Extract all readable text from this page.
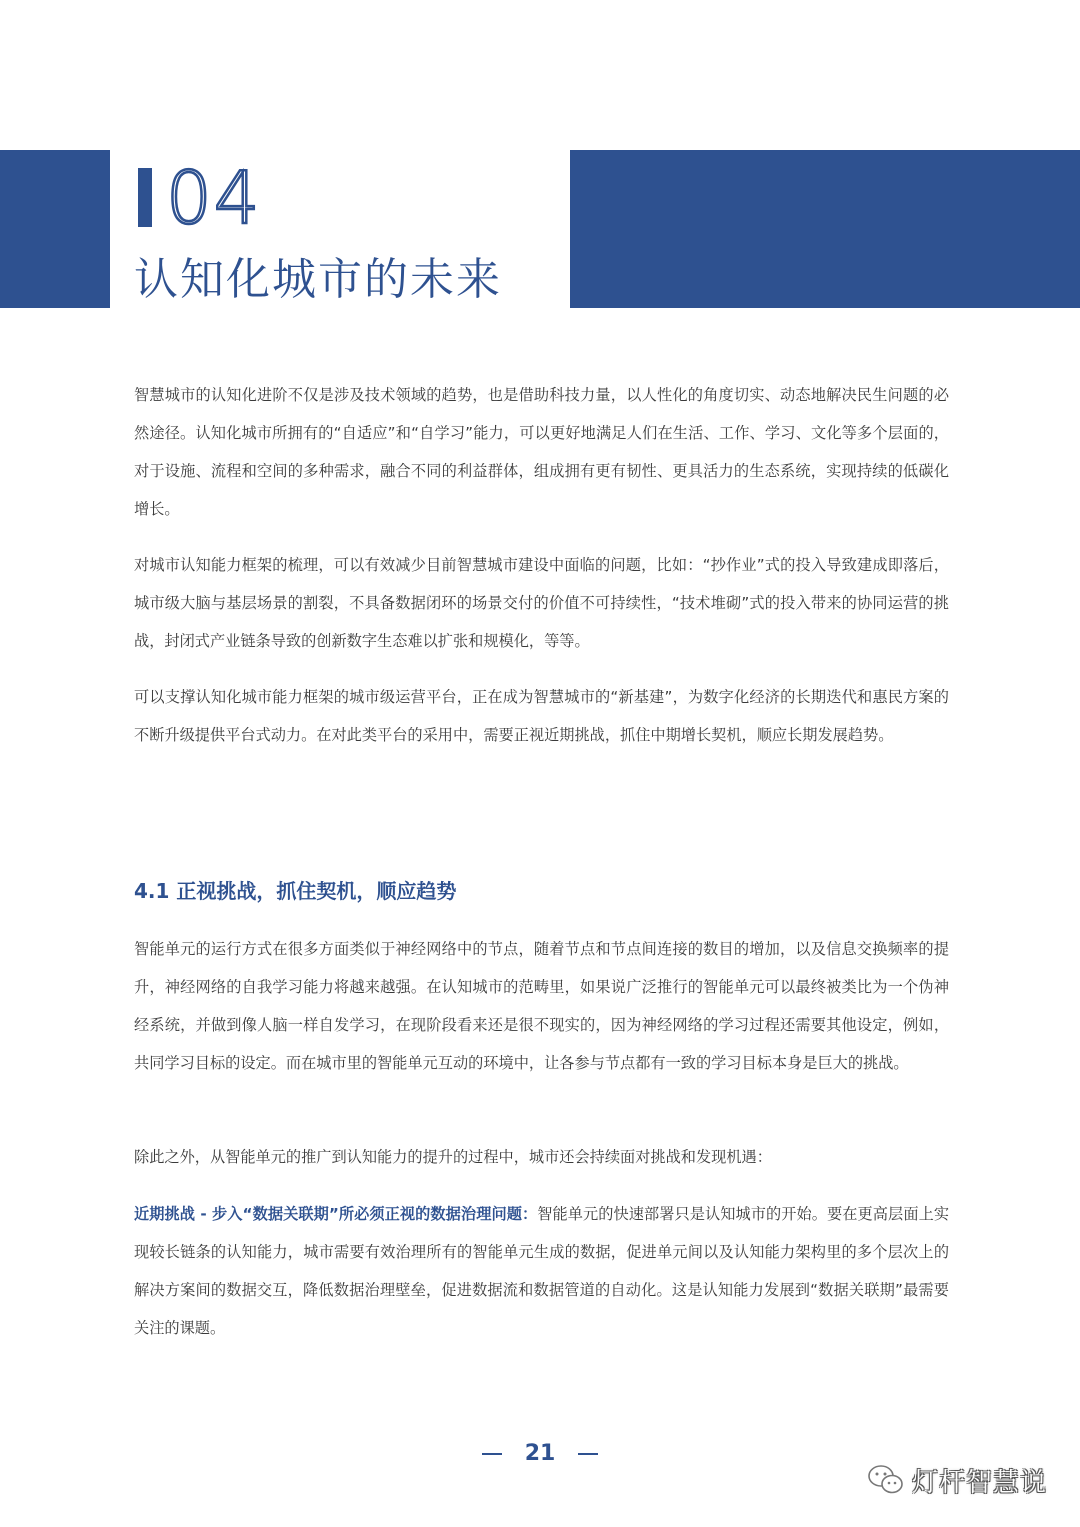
04
认知化城市的未来

智慧城市的认知化进阶不仅是涉及技术领域的趋势，也是借助科技力量，以人性化的角度切实、动态地解决民生问题的必然途径。认知化城市所拥有的“自适应”和“自学习”能力，可以更好地满足人们在生活、工作、学习、文化等多个层面的，对于设施、流程和空间的多种需求，融合不同的利益群体，组成拥有更有韧性、更具活力的生态系统，实现持续的低碳化增长。

对城市认知能力框架的梳理，可以有效减少目前智慧城市建设中面临的问题，比如：“抄作业”式的投入导致建成即落后，城市级大脑与基层场景的割裂，不具备数据闭环的场景交付的价值不可持续性，“技术堆砌”式的投入带来的协同运营的挑战，封闭式产业链条导致的创新数字生态难以扩张和规模化，等等。

可以支撑认知化城市能力框架的城市级运营平台，正在成为智慧城市的“新基建”，为数字化经济的长期迭代和惠民方案的不断升级提供平台式动力。在对此类平台的采用中，需要正视近期挑战，抓住中期增长契机，顺应长期发展趋势。

4.1 正视挑战，抓住契机，顺应趋势

智能单元的运行方式在很多方面类似于神经网络中的节点，随着节点和节点间连接的数目的增加，以及信息交换频率的提升，神经网络的自我学习能力将越来越强。在认知城市的范畴里，如果说广泛推行的智能单元可以最终被类比为一个伪神经系统，并做到像人脑一样自发学习，在现阶段看来还是很不现实的，因为神经网络的学习过程还需要其他设定，例如，共同学习目标的设定。而在城市里的智能单元互动的环境中，让各参与节点都有一致的学习目标本身是巨大的挑战。

除此之外，从智能单元的推广到认知能力的提升的过程中，城市还会持续面对挑战和发现机遇：

近期挑战 - 步入“数据关联期”所必须正视的数据治理问题：智能单元的快速部署只是认知城市的开始。要在更高层面上实现较长链条的认知能力，城市需要有效治理所有的智能单元生成的数据，促进单元间以及认知能力架构里的多个层次上的解决方案间的数据交互，降低数据治理壁垒，促进数据流和数据管道的自动化。这是认知能力发展到“数据关联期”最需要关注的课题。

21
灯杆智慧说
